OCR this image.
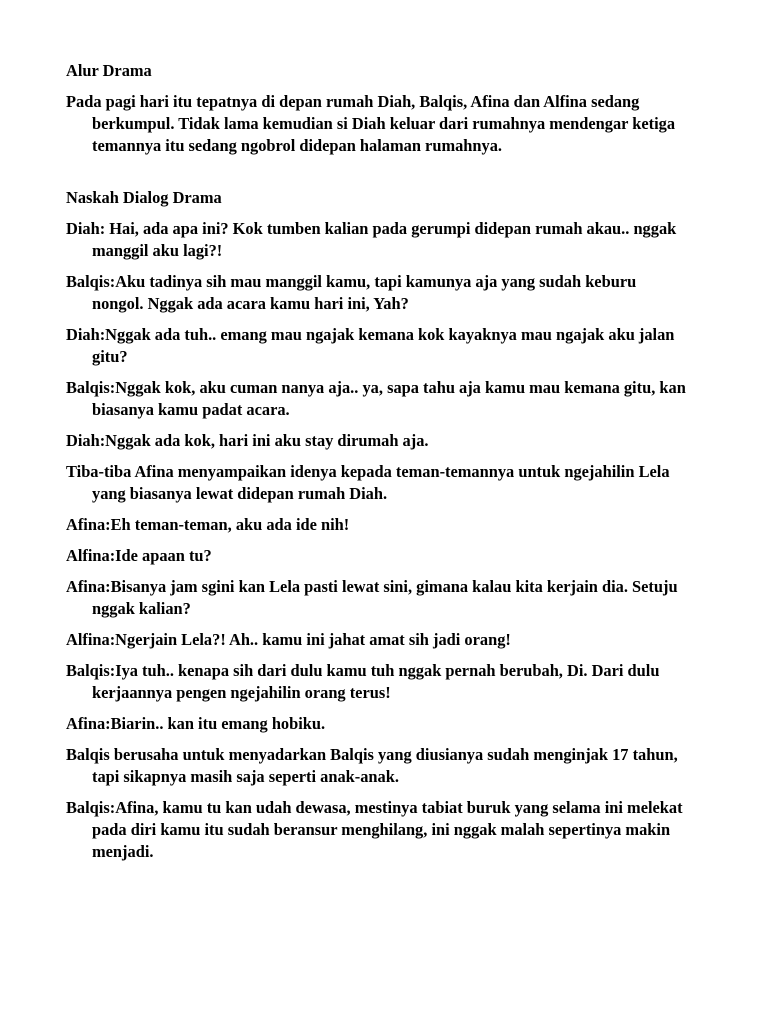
Alur Drama
Pada pagi hari itu tepatnya di depan rumah Diah, Balqis, Afina dan Alfina sedang berkumpul. Tidak lama kemudian si Diah keluar dari rumahnya mendengar ketiga temannya itu sedang ngobrol didepan halaman rumahnya.
Naskah Dialog Drama
Diah: Hai, ada apa ini? Kok tumben kalian pada gerumpi didepan rumah akau.. nggak manggil aku lagi?!
Balqis:Aku tadinya sih mau manggil kamu, tapi kamunya aja yang sudah keburu nongol. Nggak ada acara kamu hari ini, Yah?
Diah:Nggak ada tuh.. emang mau ngajak kemana kok kayaknya mau ngajak aku jalan gitu?
Balqis:Nggak kok, aku cuman nanya aja.. ya, sapa tahu aja kamu mau kemana gitu, kan biasanya kamu padat acara.
Diah:Nggak ada kok, hari ini aku stay dirumah aja.
Tiba-tiba Afina menyampaikan idenya kepada teman-temannya untuk ngejahilin Lela yang biasanya lewat didepan rumah Diah.
Afina:Eh teman-teman, aku ada ide nih!
Alfina:Ide apaan tu?
Afina:Bisanya jam sgini kan Lela pasti lewat sini, gimana kalau kita kerjain dia. Setuju nggak kalian?
Alfina:Ngerjain Lela?! Ah.. kamu ini jahat amat sih jadi orang!
Balqis:Iya tuh.. kenapa sih dari dulu kamu tuh nggak pernah berubah, Di. Dari dulu kerjaannya pengen ngejahilin orang terus!
Afina:Biarin.. kan itu emang hobiku.
Balqis berusaha untuk menyadarkan Balqis yang diusianya sudah menginjak 17 tahun, tapi sikapnya masih saja seperti anak-anak.
Balqis:Afina, kamu tu kan udah dewasa, mestinya tabiat buruk yang selama ini melekat pada diri kamu itu sudah beransur menghilang, ini nggak malah sepertinya makin menjadi.
